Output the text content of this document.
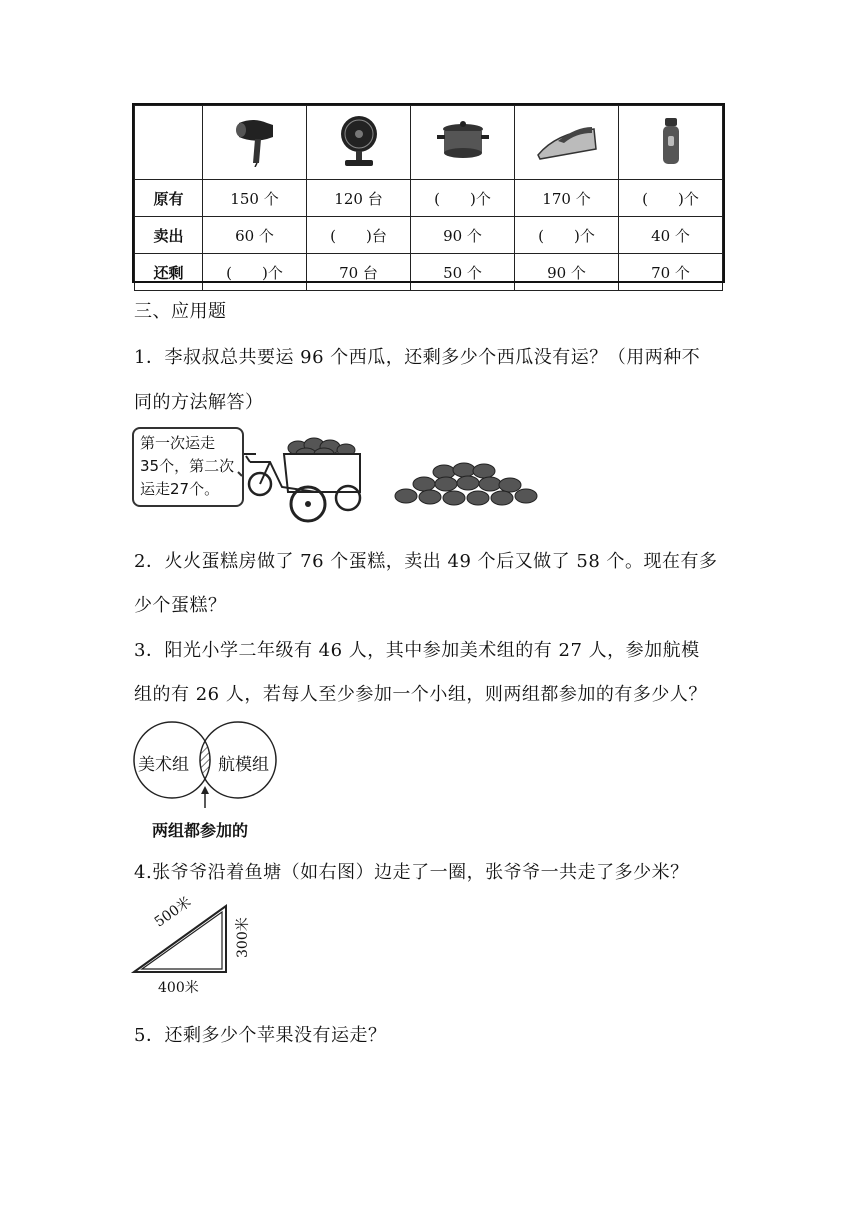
原有	150 个	120 台	(　　)个	170 个	(　　)个
卖出	60 个	(　　)台	90 个	(　　)个	40 个
还剩	(　　)个	70 台	50 个	90 个	70 个
三、应用题
1．李叔叔总共要运 96 个西瓜，还剩多少个西瓜没有运？（用两种不
同的方法解答）
第一次运走
35个，第二次
运走27个。
2．火火蛋糕房做了 76 个蛋糕，卖出 49 个后又做了 58 个。现在有多
少个蛋糕？
3．阳光小学二年级有 46 人，其中参加美术组的有 27 人，参加航模
组的有 26 人，若每人至少参加一个小组，则两组都参加的有多少人？
美术组 航模组
两组都参加的
4.张爷爷沿着鱼塘（如右图）边走了一圈，张爷爷一共走了多少米？
500米
300米
400米
5．还剩多少个苹果没有运走？
